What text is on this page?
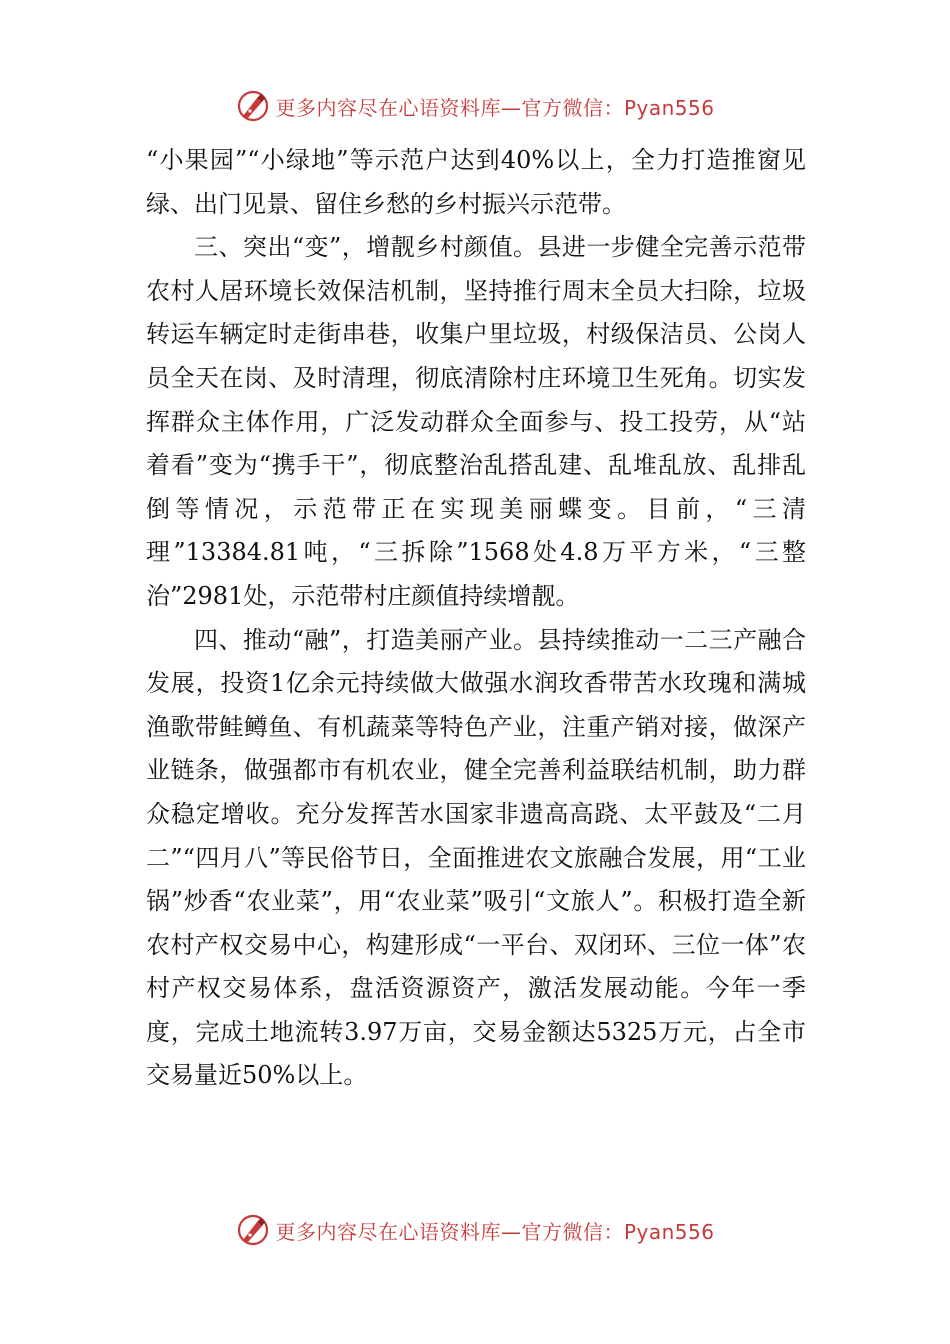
更多内容尽在心语资料库—官方微信：Pyan556

“小果园”“小绿地”等示范户达到40%以上，全力打造推窗见绿、出门见景、留住乡愁的乡村振兴示范带。

三、突出“变”，增靓乡村颜值。县进一步健全完善示范带农村人居环境长效保洁机制，坚持推行周末全员大扫除，垃圾转运车辆定时走街串巷，收集户里垃圾，村级保洁员、公岗人员全天在岗、及时清理，彻底清除村庄环境卫生死角。切实发挥群众主体作用，广泛发动群众全面参与、投工投劳，从“站着看”变为“携手干”，彻底整治乱搭乱建、乱堆乱放、乱排乱倒等情况，示范带正在实现美丽蝶变。目前，“三清理”13384.81吨，“三拆除”1568处4.8万平方米，“三整治”2981处，示范带村庄颜值持续增靓。

四、推动“融”，打造美丽产业。县持续推动一二三产融合发展，投资1亿余元持续做大做强水润玫香带苦水玫瑰和满城渔歌带鲑鳟鱼、有机蔬菜等特色产业，注重产销对接，做深产业链条，做强都市有机农业，健全完善利益联结机制，助力群众稳定增收。充分发挥苦水国家非遗高高跷、太平鼓及“二月二”“四月八”等民俗节日，全面推进农文旅融合发展，用“工业锅”炒香“农业菜”，用“农业菜”吸引“文旅人”。积极打造全新农村产权交易中心，构建形成“一平台、双闭环、三位一体”农村产权交易体系，盘活资源资产，激活发展动能。今年一季度，完成土地流转3.97万亩，交易金额达5325万元，占全市交易量近50%以上。

更多内容尽在心语资料库—官方微信：Pyan556
